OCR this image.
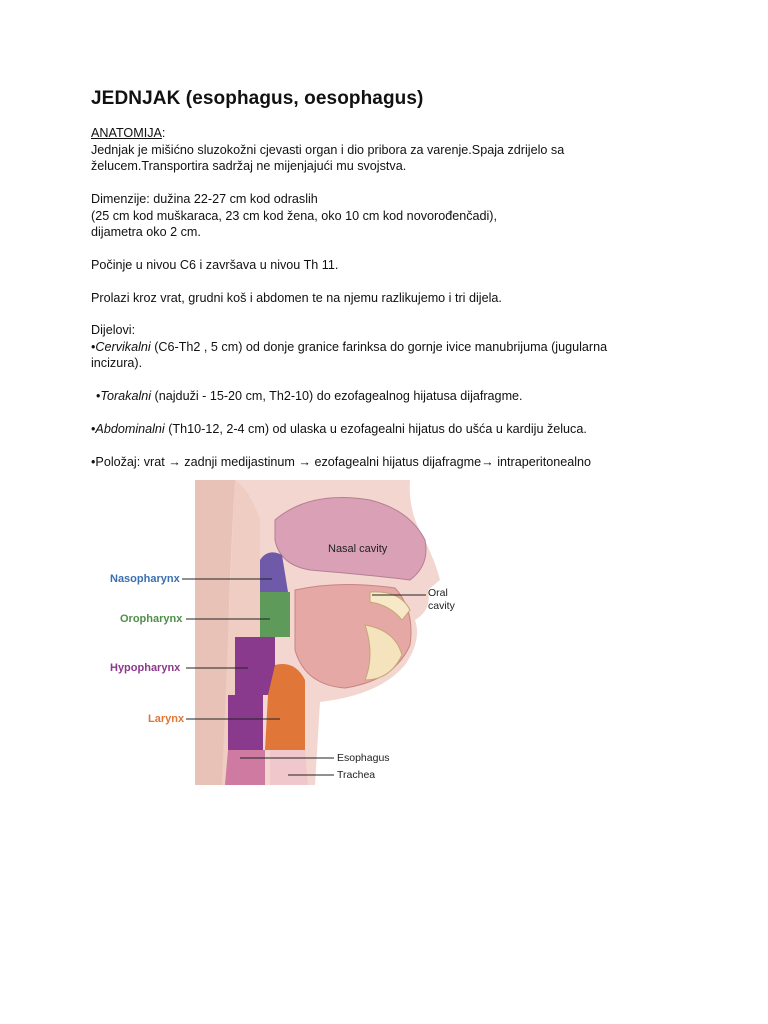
JEDNJAK (esophagus, oesophagus)
ANATOMIJA:
Jednjak je mišićno sluzokožni cjevasti organ i dio pribora za varenje.Spaja zdrijelo sa
želucem.Transportira sadržaj ne mijenjajući mu svojstva.
Dimenzije: dužina 22-27 cm kod odraslih
(25 cm kod muškaraca, 23 cm kod žena, oko 10 cm kod novorođenčadi),
dijametra oko 2 cm.
Počinje u nivou C6 i završava u nivou Th 11.
Prolazi kroz vrat, grudni koš i abdomen te na njemu razlikujemo i tri dijela.
Dijelovi:
•Cervikalni (C6-Th2 , 5 cm) od donje granice farinksa do gornje ivice manubrijuma (jugularna
incizura).
•Torakalni (najduži - 15-20 cm, Th2-10) do ezofagealnog hijatusa dijafragme.
•Abdominalni (Th10-12, 2-4 cm) od ulaska u ezofagealni hijatus do ušća u kardiju želuca.
•Položaj: vrat → zadnji medijastinum → ezofagealni hijatus dijafragme→ intraperitonealno
Nasopharynx
Oropharynx
Hypopharynx
Larynx
Nasal cavity
Oral
cavity
Esophagus
Trachea
